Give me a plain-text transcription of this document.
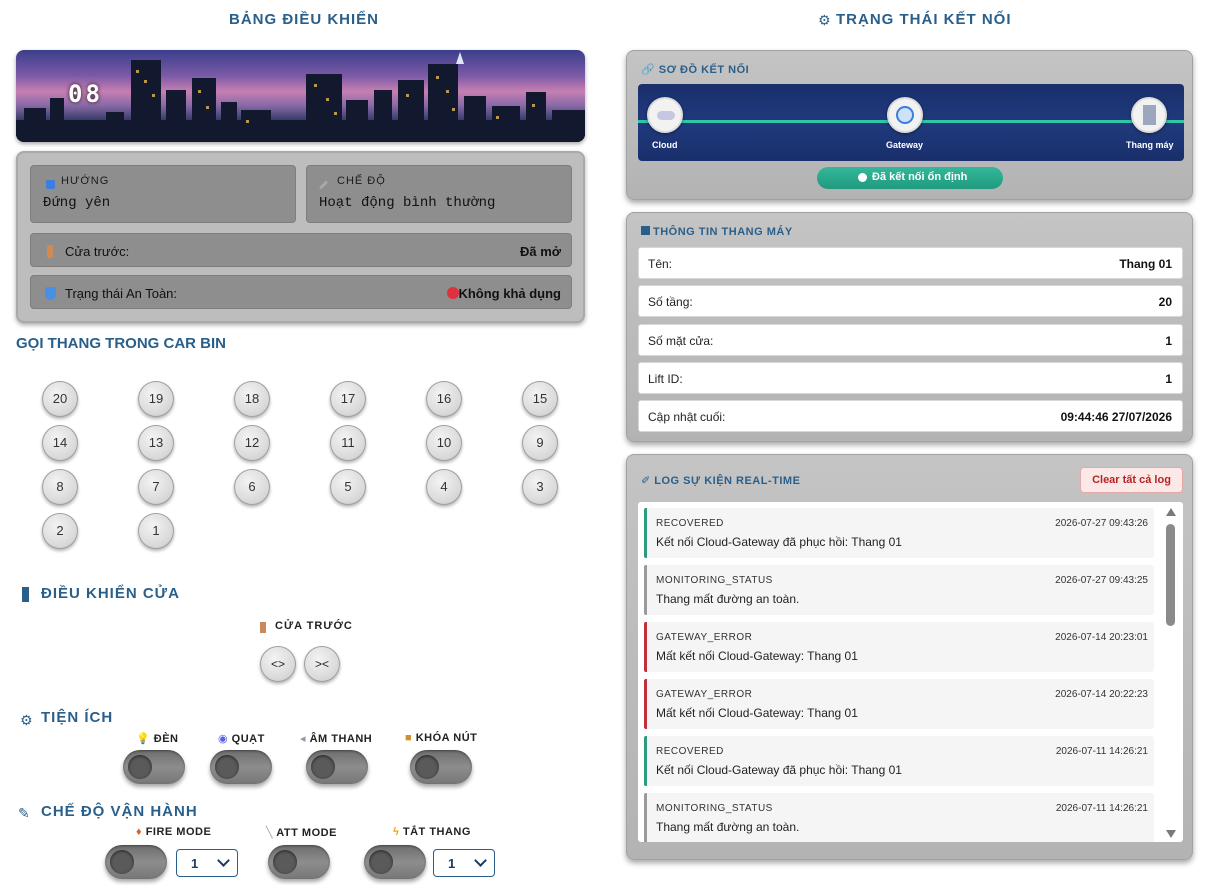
BẢNG ĐIỀU KHIỂN
08
HƯỚNG
Đứng yên
CHẾ ĐỘ
Hoạt động bình thường
Cửa trước:	Đã mở
Trạng thái An Toàn:	Không khả dụng
GỌI THANG TRONG CAR BIN
20	19	18	17	16	15
14	13	12	11	10	9
8	7	6	5	4	3
2	1
ĐIỀU KHIỂN CỬA
CỬA TRƯỚC
<>	><
⚙ TIỆN ÍCH
💡 ĐÈN	◉ QUẠT	◂ ÂM THANH	■ KHÓA NÚT
✎ CHẾ ĐỘ VẬN HÀNH
♦ FIRE MODE
1
╲ ATT MODE	ϟ TẮT THANG
1
⚙ TRẠNG THÁI KẾT NỐI
🔗 SƠ ĐỒ KẾT NỐI
Cloud	Gateway	Thang máy
Đã kết nối ổn định
THÔNG TIN THANG MÁY
Tên:	Thang 01
Số tầng:	20
Số mặt cửa:	1
Lift ID:	1
Cập nhật cuối:	09:44:46 27/07/2026
✐ LOG SỰ KIỆN REAL-TIME	Clear tất cả log
RECOVERED	2026-07-27 09:43:26
Kết nối Cloud-Gateway đã phục hồi: Thang 01
MONITORING_STATUS	2026-07-27 09:43:25
Thang mất đường an toàn.
GATEWAY_ERROR	2026-07-14 20:23:01
Mất kết nối Cloud-Gateway: Thang 01
GATEWAY_ERROR	2026-07-14 20:22:23
Mất kết nối Cloud-Gateway: Thang 01
RECOVERED	2026-07-11 14:26:21
Kết nối Cloud-Gateway đã phục hồi: Thang 01
MONITORING_STATUS	2026-07-11 14:26:21
Thang mất đường an toàn.
